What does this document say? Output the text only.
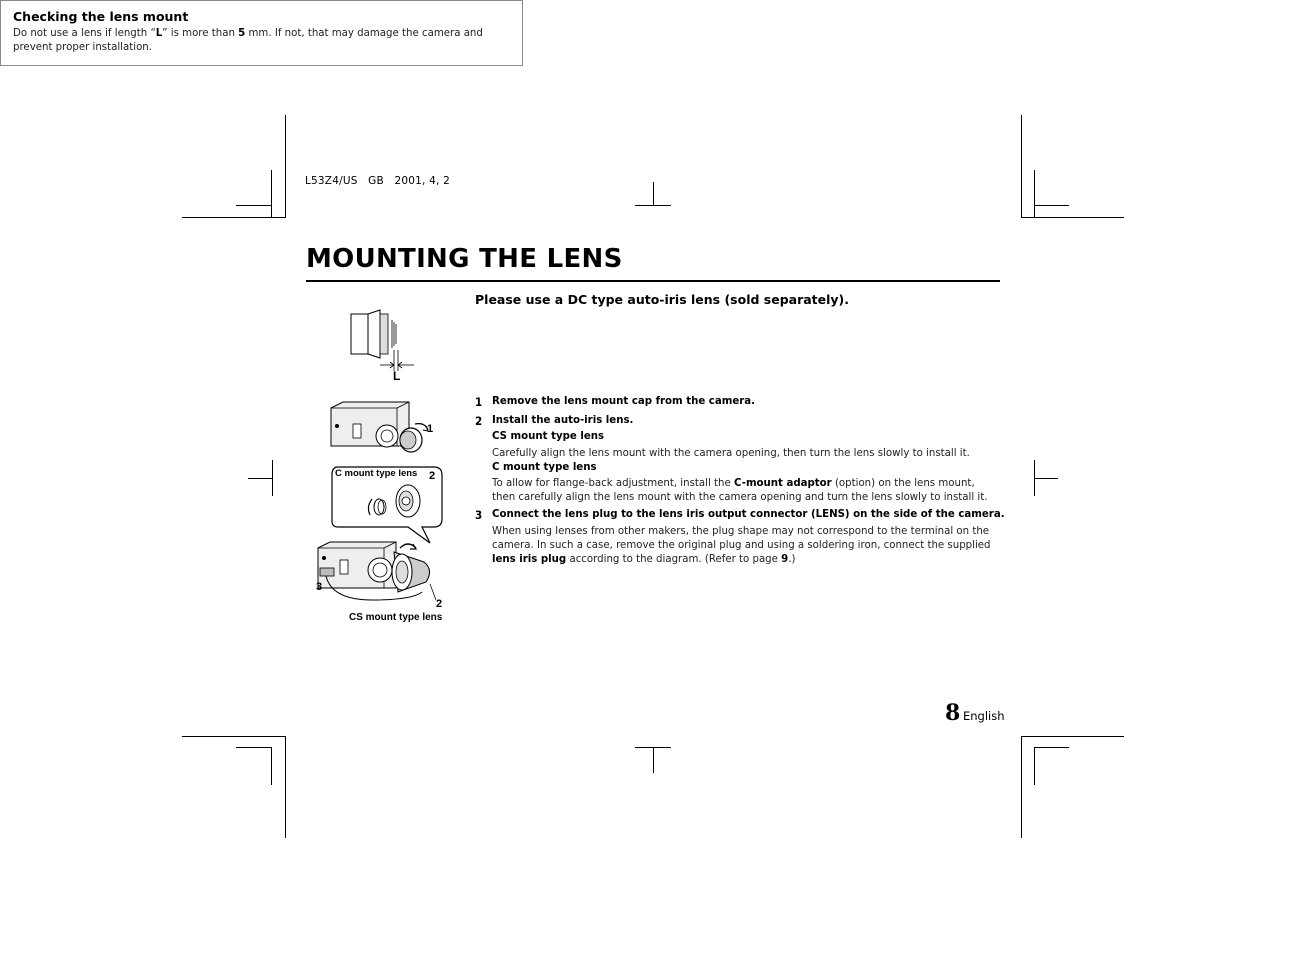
L53Z4/US   GB   2001, 4, 2
MOUNTING THE LENS
L
1
C mount type lens 2
3
2
CS mount type lens
Please use a DC type auto-iris lens (sold separately).
Checking the lens mount
Do not use a lens if length “L” is more than 5 mm. If not, that may damage the camera and prevent proper installation.
1 Remove the lens mount cap from the camera.
2 Install the auto-iris lens.
CS mount type lens
Carefully align the lens mount with the camera opening, then turn the lens slowly to install it.
C mount type lens
To allow for flange-back adjustment, install the C-mount adaptor (option) on the lens mount, then carefully align the lens mount with the camera opening and turn the lens slowly to install it.
3 Connect the lens plug to the lens iris output connector (LENS) on the side of the camera.
When using lenses from other makers, the plug shape may not correspond to the terminal on the camera. In such a case, remove the original plug and using a soldering iron, connect the supplied lens iris plug according to the diagram. (Refer to page 9.)
8 English
